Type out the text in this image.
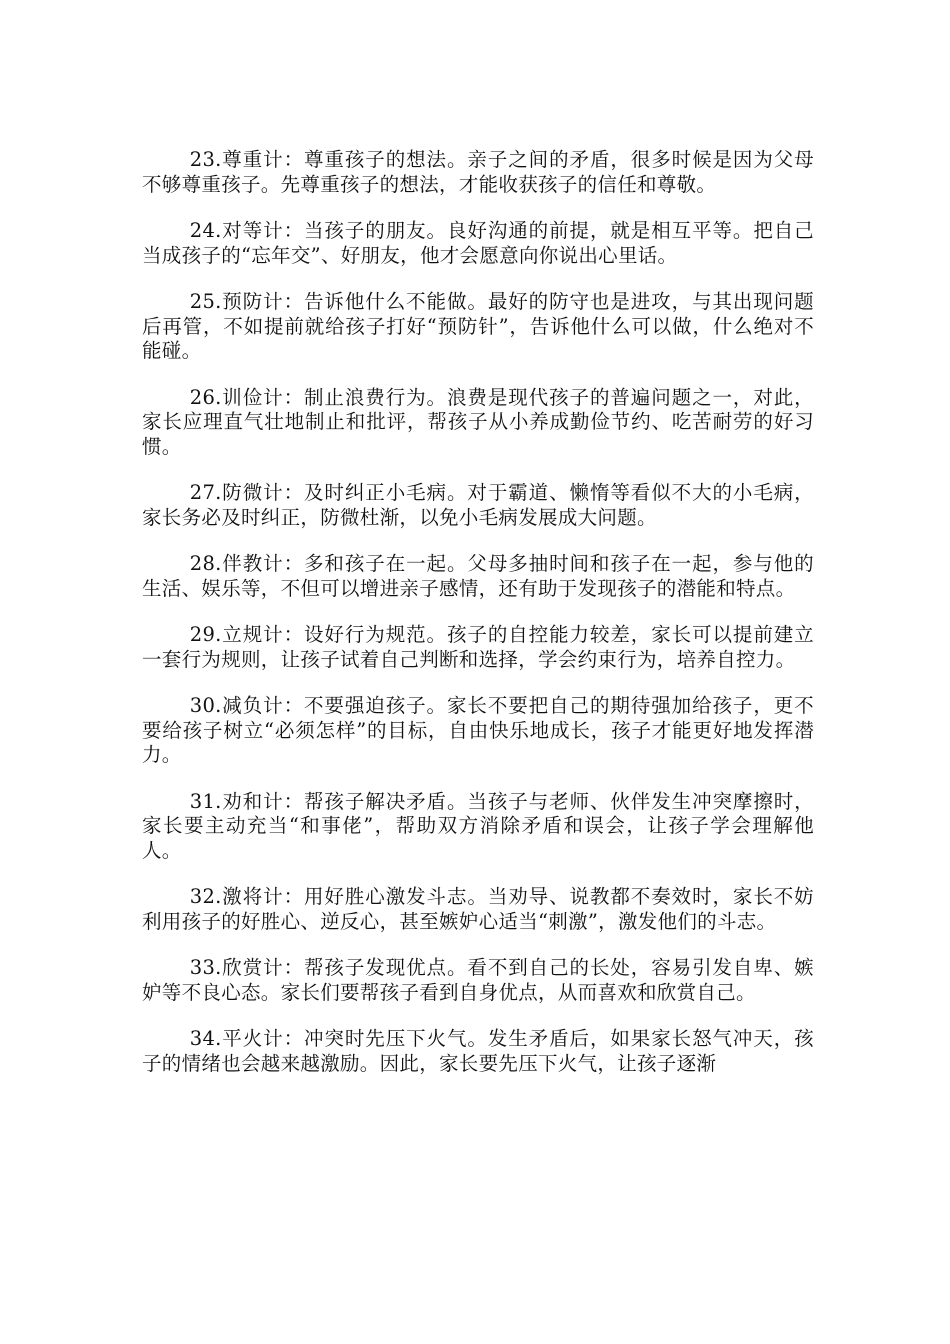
23.尊重计：尊重孩子的想法。亲子之间的矛盾，很多时候是因为父母不够尊重孩子。先尊重孩子的想法，才能收获孩子的信任和尊敬。

24.对等计：当孩子的朋友。良好沟通的前提，就是相互平等。把自己当成孩子的“忘年交”、好朋友，他才会愿意向你说出心里话。

25.预防计：告诉他什么不能做。最好的防守也是进攻，与其出现问题后再管，不如提前就给孩子打好“预防针”，告诉他什么可以做，什么绝对不能碰。

26.训俭计：制止浪费行为。浪费是现代孩子的普遍问题之一，对此，家长应理直气壮地制止和批评，帮孩子从小养成勤俭节约、吃苦耐劳的好习惯。

27.防微计：及时纠正小毛病。对于霸道、懒惰等看似不大的小毛病，家长务必及时纠正，防微杜渐，以免小毛病发展成大问题。

28.伴教计：多和孩子在一起。父母多抽时间和孩子在一起，参与他的生活、娱乐等，不但可以增进亲子感情，还有助于发现孩子的潜能和特点。

29.立规计：设好行为规范。孩子的自控能力较差，家长可以提前建立一套行为规则，让孩子试着自己判断和选择，学会约束行为，培养自控力。

30.减负计：不要强迫孩子。家长不要把自己的期待强加给孩子，更不要给孩子树立“必须怎样”的目标，自由快乐地成长，孩子才能更好地发挥潜力。

31.劝和计：帮孩子解决矛盾。当孩子与老师、伙伴发生冲突摩擦时，家长要主动充当“和事佬”，帮助双方消除矛盾和误会，让孩子学会理解他人。

32.激将计：用好胜心激发斗志。当劝导、说教都不奏效时，家长不妨利用孩子的好胜心、逆反心，甚至嫉妒心适当“刺激”，激发他们的斗志。

33.欣赏计：帮孩子发现优点。看不到自己的长处，容易引发自卑、嫉妒等不良心态。家长们要帮孩子看到自身优点，从而喜欢和欣赏自己。

34.平火计：冲突时先压下火气。发生矛盾后，如果家长怒气冲天，孩子的情绪也会越来越激励。因此，家长要先压下火气，让孩子逐渐
